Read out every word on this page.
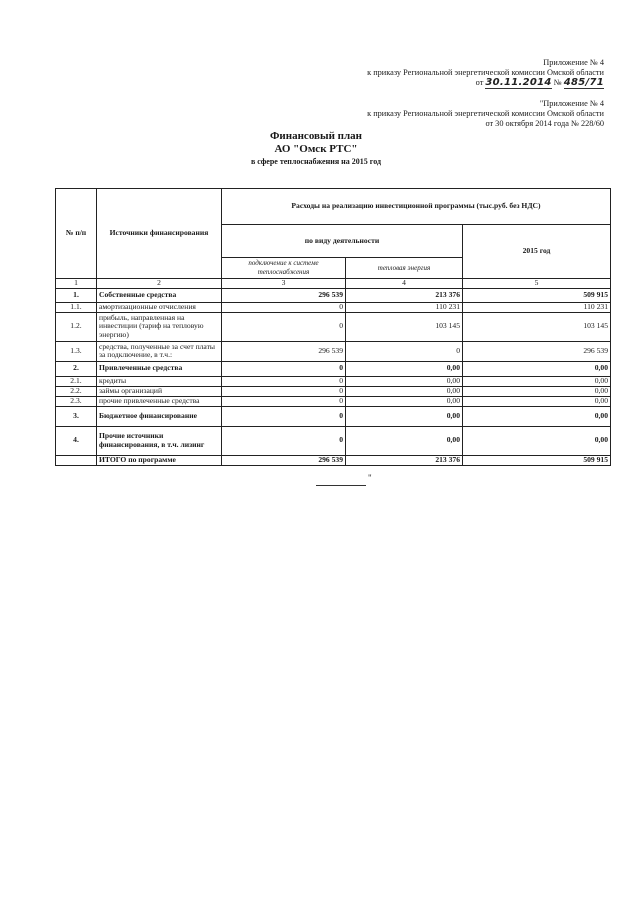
Приложение № 4
к приказу Региональной энергетической комиссии Омской области
от 30.11.2014 № 485/71
"Приложение № 4
к приказу Региональной энергетической комиссии Омской области
от 30 октября 2014 года № 228/60
Финансовый план
АО "Омск РТС"
в сфере теплоснабжения на 2015 год
№ п/п	Источники финансирования	Расходы на реализацию инвестиционной программы (тыс.руб. без НДС)		
		по виду деятельности		2015 год
		подключение к системе теплоснабжения	тепловая энергия	
1	2	3	4	5
1.	Собственные средства	296 539	213 376	509 915
1.1.	амортизационные отчисления	0	110 231	110 231
1.2.	прибыль, направленная на инвестиции (тариф на тепловую энергию)	0	103 145	103 145
1.3.	средства, полученные за счет платы за подключение, в т.ч.:	296 539	0	296 539
2.	Привлеченные средства	0	0,00	0,00
2.1.	кредиты	0	0,00	0,00
2.2.	займы организаций	0	0,00	0,00
2.3.	прочие привлеченные средства	0	0,00	0,00
3.	Бюджетное финансирование	0	0,00	0,00
4.	Прочие источники финансирования, в т.ч. лизинг	0	0,00	0,00
	ИТОГО по программе	296 539	213 376	509 915
"
